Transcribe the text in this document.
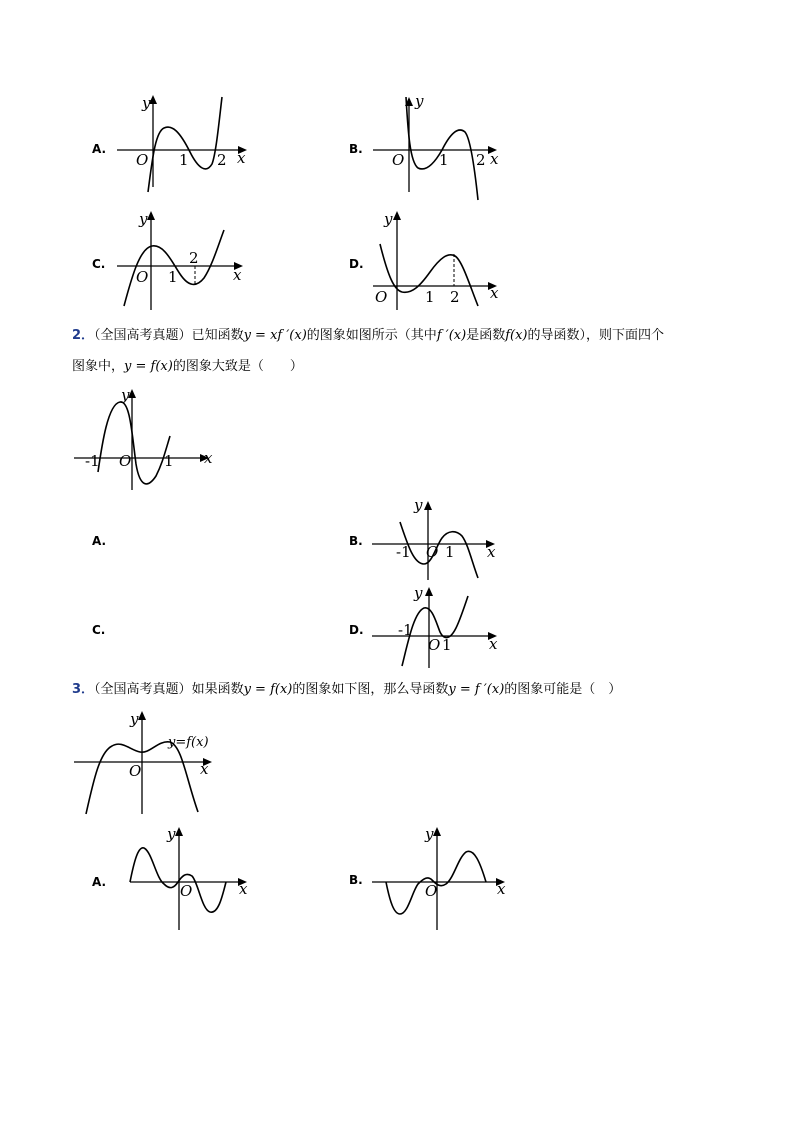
A.
y
x
O 1 2
B.
y
x
O 1 2
C.
y
x
O 1
2	D.
y
x
O	1 2
2．（全国高考真题）已知函数y = xf ′(x)的图象如图所示（其中f ′(x)是函数f(x)的导函数），则下面四个
图象中，y = f(x)的图象大致是（　　）
y
x
O
-1	1
A.	B.
y
x
O
-1 1
C.	D.
y
x
O
-1
1
3．（全国高考真题）如果函数y = f(x)的图象如下图，那么导函数y = f ′(x)的图象可能是（　）
y
x
O
y=f(x)
A.
y
x
O
B.
y
x
O
